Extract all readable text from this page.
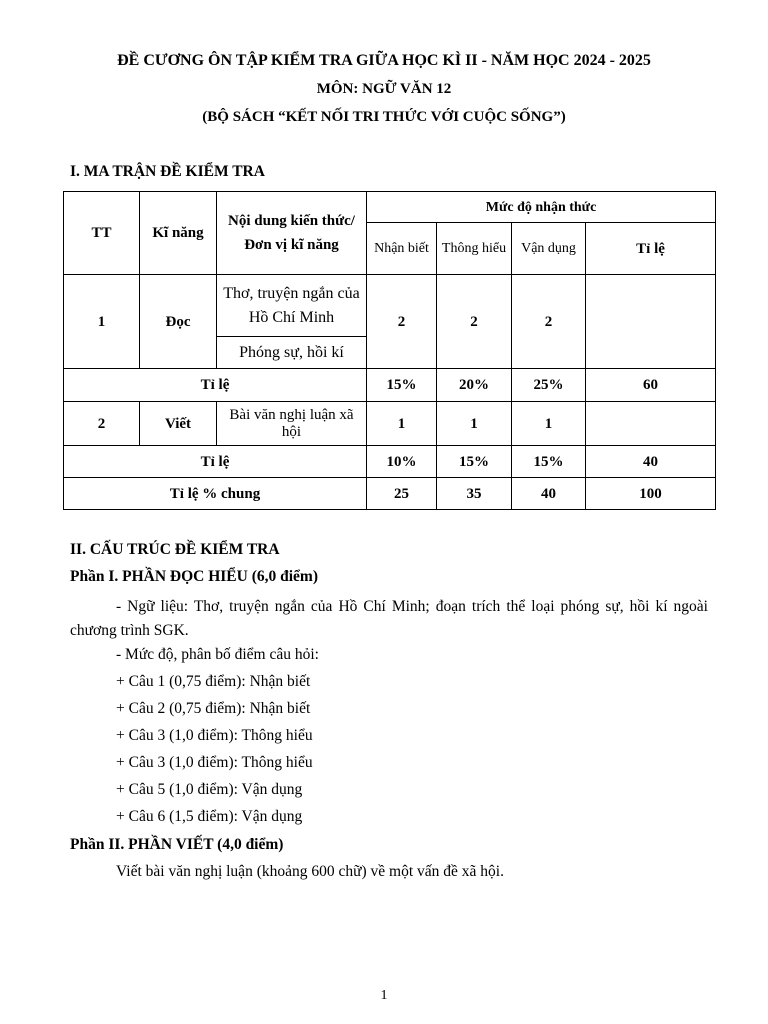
ĐỀ CƯƠNG ÔN TẬP KIỂM TRA GIỮA HỌC KÌ II - NĂM HỌC 2024 - 2025
MÔN: NGỮ VĂN 12
(BỘ SÁCH “KẾT NỐI TRI THỨC VỚI CUỘC SỐNG”)
I. MA TRẬN ĐỀ KIỂM TRA
TT	Kĩ năng	Nội dung kiến thức/Đơn vị kĩ năng	Mức độ nhận thức			
			Nhận biết	Thông hiểu	Vận dụng	Tỉ lệ
1	Đọc	Thơ, truyện ngắn của Hồ Chí Minh	2	2	2	
		Phóng sự, hồi kí				
Tỉ lệ			15%	20%	25%	60
2	Viết	Bài văn nghị luận xã hội	1	1	1	
Tỉ lệ			10%	15%	15%	40
Tỉ lệ % chung			25	35	40	100
II. CẤU TRÚC ĐỀ KIỂM TRA
Phần I. PHẦN ĐỌC HIỂU (6,0 điểm)
- Ngữ liệu: Thơ, truyện ngắn của Hồ Chí Minh; đoạn trích thể loại phóng sự, hồi kí ngoài chương trình SGK.
- Mức độ, phân bố điểm câu hỏi:
+ Câu 1 (0,75 điểm): Nhận biết
+ Câu 2 (0,75 điểm): Nhận biết
+ Câu 3 (1,0 điểm): Thông hiểu
+ Câu 3 (1,0 điểm): Thông hiểu
+ Câu 5 (1,0 điểm): Vận dụng
+ Câu 6 (1,5 điểm): Vận dụng
Phần II. PHẦN VIẾT (4,0 điểm)
Viết bài văn nghị luận (khoảng 600 chữ) về một vấn đề xã hội.
1
